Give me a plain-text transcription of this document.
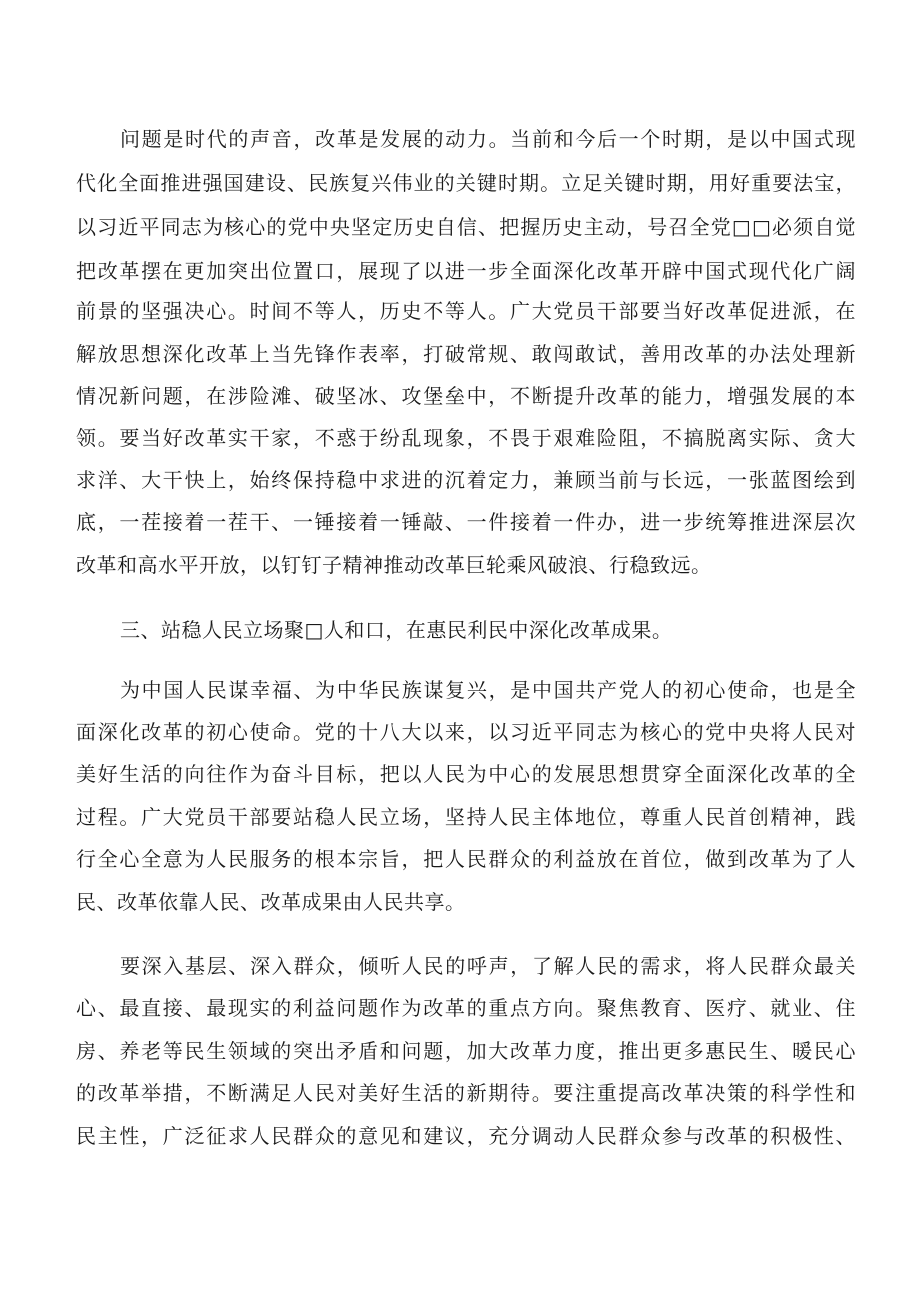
问题是时代的声音，改革是发展的动力。当前和今后一个时期，是以中国式现
代化全面推进强国建设、民族复兴伟业的关键时期。立足关键时期，用好重要法宝，
以习近平同志为核心的党中央坚定历史自信、把握历史主动，号召全党□□必须自觉
把改革摆在更加突出位置口，展现了以进一步全面深化改革开辟中国式现代化广阔
前景的坚强决心。时间不等人，历史不等人。广大党员干部要当好改革促进派，在
解放思想深化改革上当先锋作表率，打破常规、敢闯敢试，善用改革的办法处理新
情况新问题，在涉险滩、破坚冰、攻堡垒中，不断提升改革的能力，增强发展的本
领。要当好改革实干家，不惑于纷乱现象，不畏于艰难险阻，不搞脱离实际、贪大
求洋、大干快上，始终保持稳中求进的沉着定力，兼顾当前与长远，一张蓝图绘到
底，一茬接着一茬干、一锤接着一锤敲、一件接着一件办，进一步统筹推进深层次
改革和高水平开放，以钉钉子精神推动改革巨轮乘风破浪、行稳致远。
三、站稳人民立场聚□人和口，在惠民利民中深化改革成果。
为中国人民谋幸福、为中华民族谋复兴，是中国共产党人的初心使命，也是全
面深化改革的初心使命。党的十八大以来，以习近平同志为核心的党中央将人民对
美好生活的向往作为奋斗目标，把以人民为中心的发展思想贯穿全面深化改革的全
过程。广大党员干部要站稳人民立场，坚持人民主体地位，尊重人民首创精神，践
行全心全意为人民服务的根本宗旨，把人民群众的利益放在首位，做到改革为了人
民、改革依靠人民、改革成果由人民共享。
要深入基层、深入群众，倾听人民的呼声，了解人民的需求，将人民群众最关
心、最直接、最现实的利益问题作为改革的重点方向。聚焦教育、医疗、就业、住
房、养老等民生领域的突出矛盾和问题，加大改革力度，推出更多惠民生、暖民心
的改革举措，不断满足人民对美好生活的新期待。要注重提高改革决策的科学性和
民主性，广泛征求人民群众的意见和建议，充分调动人民群众参与改革的积极性、
